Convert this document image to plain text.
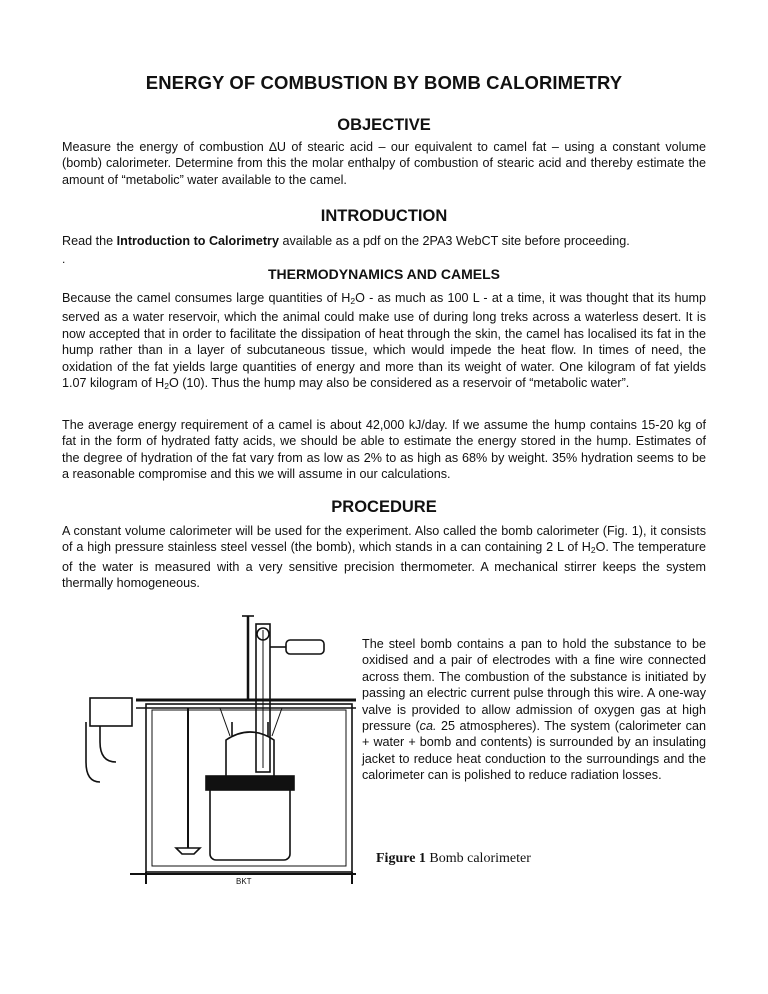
ENERGY OF COMBUSTION BY BOMB CALORIMETRY
OBJECTIVE
Measure the energy of combustion ∆U of stearic acid – our equivalent to camel fat – using a constant volume (bomb) calorimeter. Determine from this the molar enthalpy of combustion of stearic acid and thereby estimate the amount of “metabolic” water available to the camel.
INTRODUCTION
Read the Introduction to Calorimetry available as a pdf on the 2PA3 WebCT site before proceeding.
.
THERMODYNAMICS AND CAMELS
Because the camel consumes large quantities of $H_2O$ - as much as 100 L - at a time, it was thought that its hump served as a water reservoir, which the animal could make use of during long treks across a waterless desert. It is now accepted that in order to facilitate the dissipation of heat through the skin, the camel has localised its fat in the hump rather than in a layer of subcutaneous tissue, which would impede the heat flow. In times of need, the oxidation of the fat yields large quantities of energy and more than its weight of water. One kilogram of fat yields 1.07 kilogram of $H_2O$ (10). Thus the hump may also be considered as a reservoir of “metabolic water”.
The average energy requirement of a camel is about 42,000 kJ/day. If we assume the hump contains 15-20 kg of fat in the form of hydrated fatty acids, we should be able to estimate the energy stored in the hump. Estimates of the degree of hydration of the fat vary from as low as 2% to as high as 68% by weight. 35% hydration seems to be a reasonable compromise and this we will assume in our calculations.
PROCEDURE
A constant volume calorimeter will be used for the experiment. Also called the bomb calorimeter (Fig. 1), it consists of a high pressure stainless steel vessel (the bomb), which stands in a can containing 2 L of $H_2O$. The temperature of the water is measured with a very sensitive precision thermometer. A mechanical stirrer keeps the system thermally homogeneous.
BKT
The steel bomb contains a pan to hold the substance to be oxidised and a pair of electrodes with a fine wire connected across them. The combustion of the substance is initiated by passing an electric current pulse through this wire. A one-way valve is provided to allow admission of oxygen gas at high pressure (ca. 25 atmospheres). The system (calorimeter can + water + bomb and contents) is surrounded by an insulating jacket to reduce heat conduction to the surroundings and the calorimeter can is polished to reduce radiation losses.
Figure 1 Bomb calorimeter
